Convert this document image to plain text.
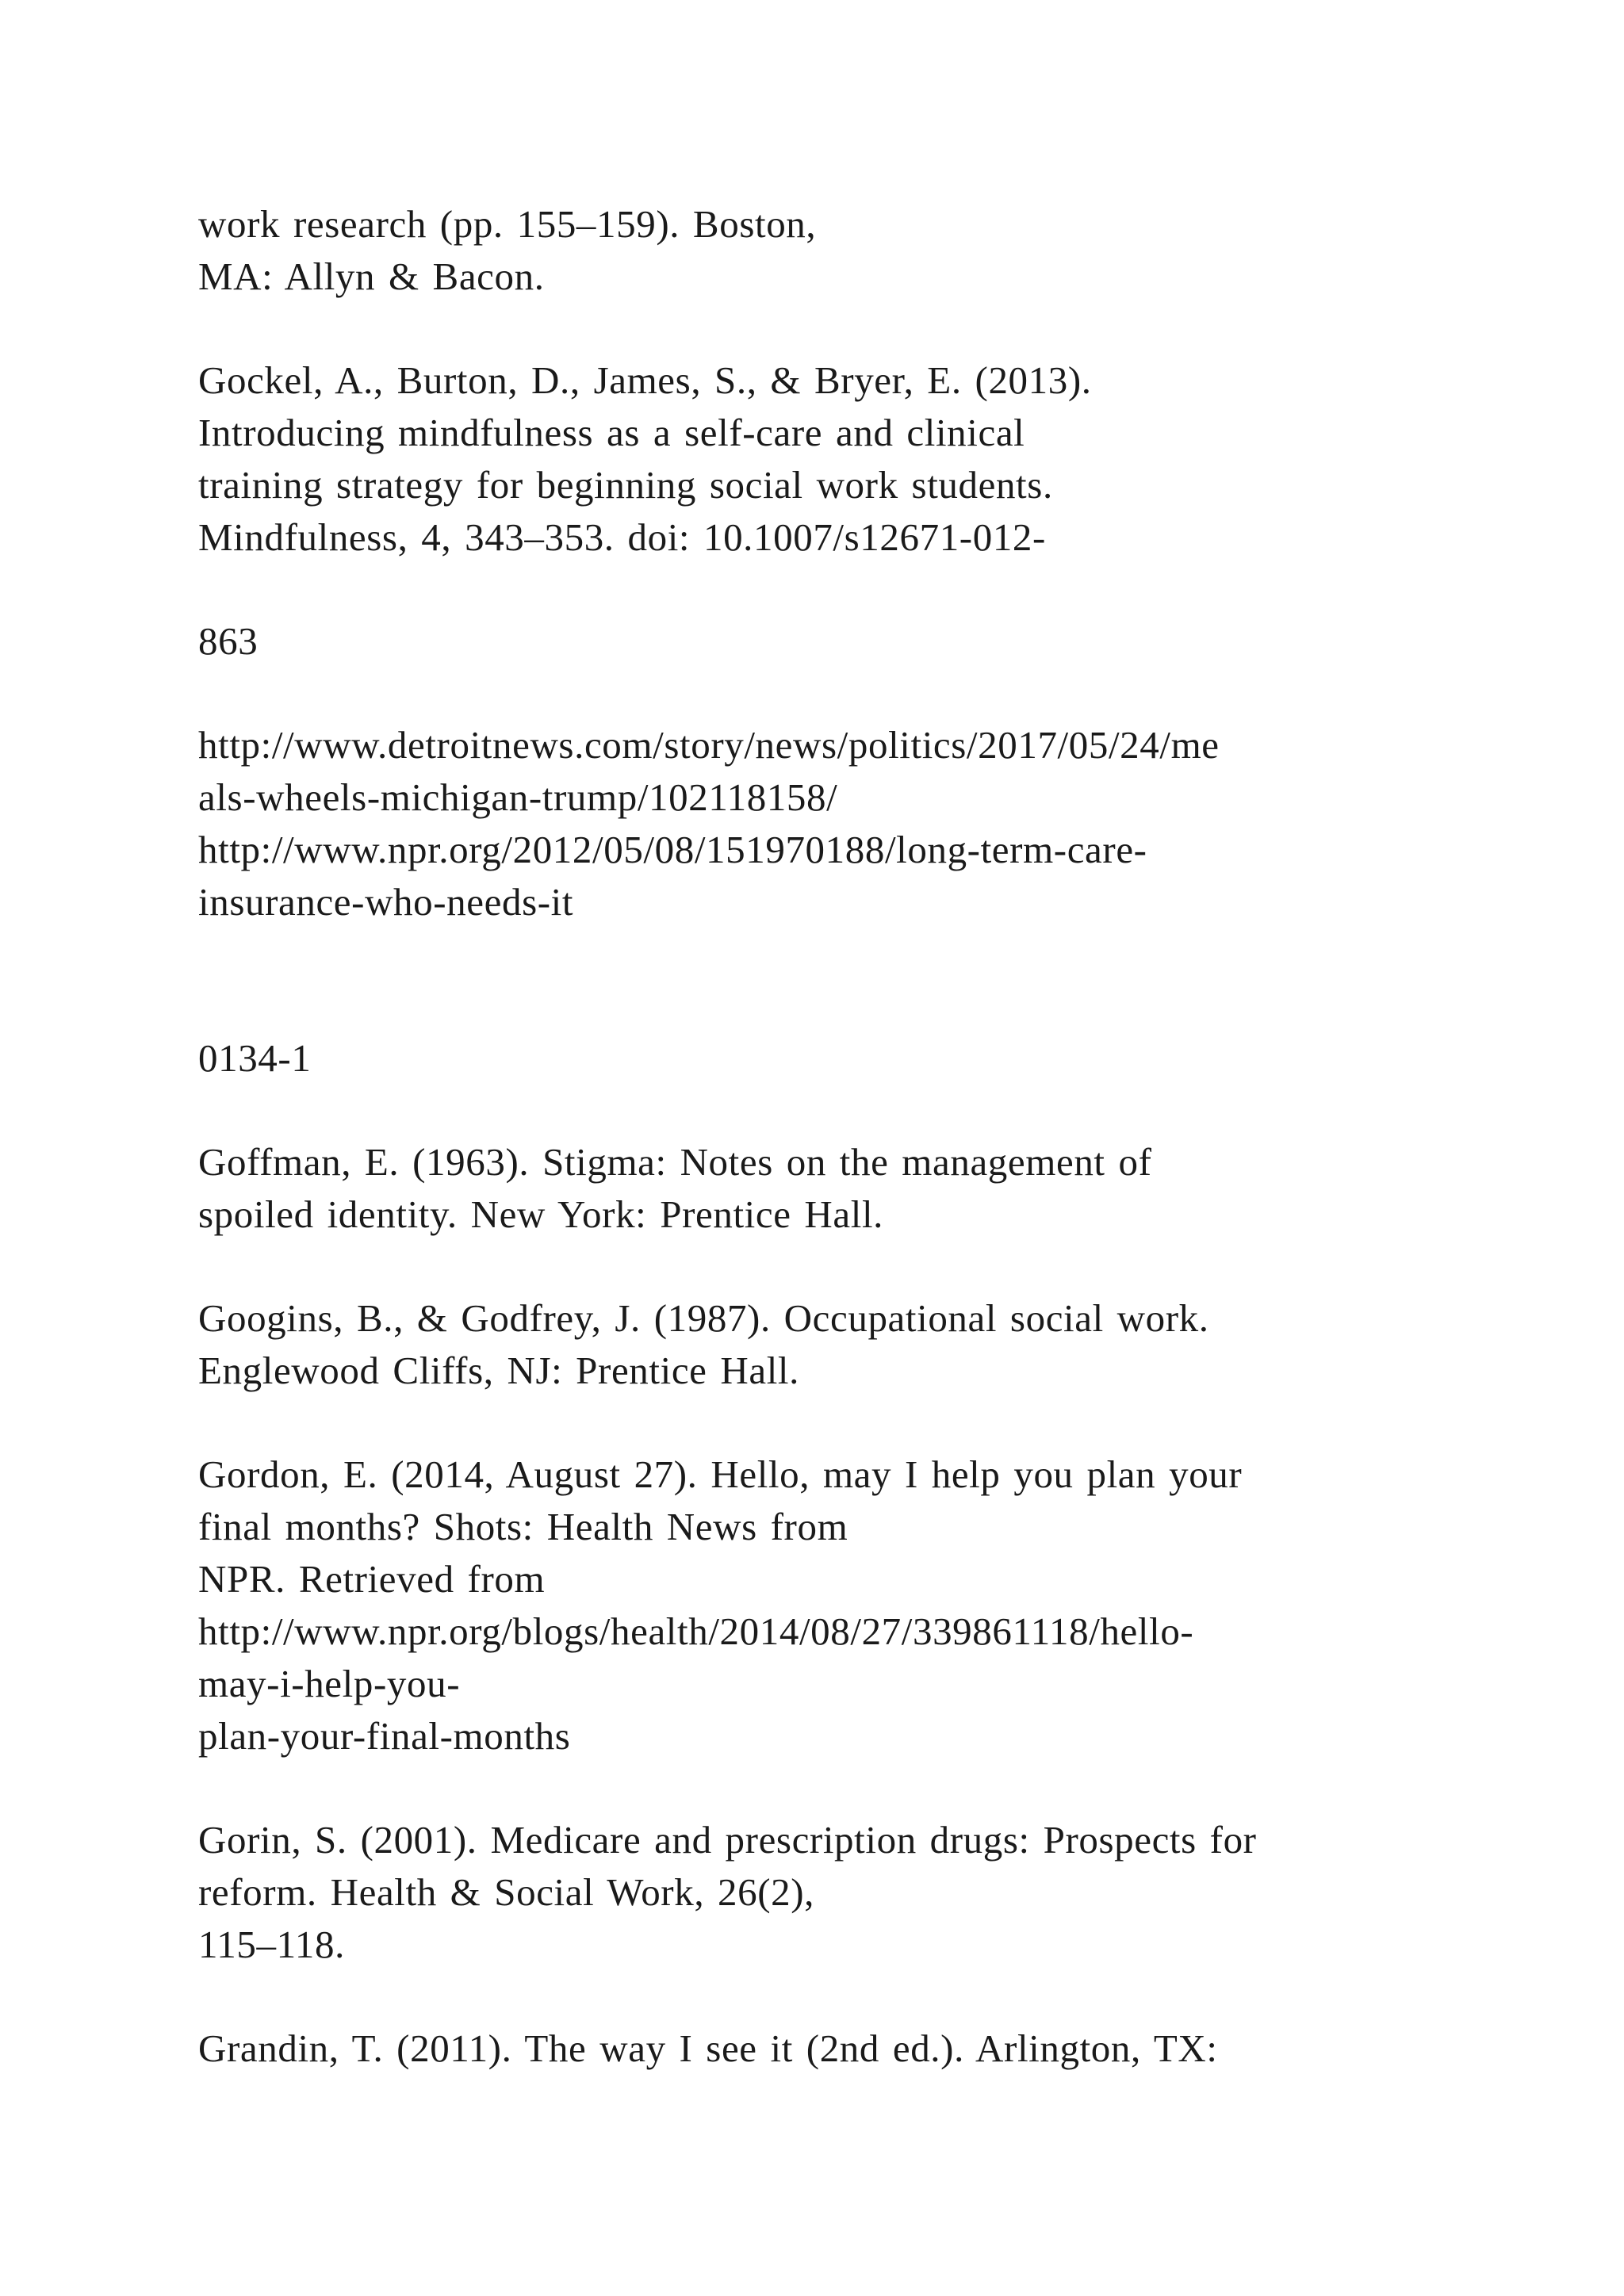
work research (pp. 155–159). Boston,
MA: Allyn & Bacon.
Gockel, A., Burton, D., James, S., & Bryer, E. (2013).
Introducing mindfulness as a self-care and clinical
training strategy for beginning social work students.
Mindfulness, 4, 343–353. doi: 10.1007/s12671-012-
863
http://www.detroitnews.com/story/news/politics/2017/05/24/me
als-wheels-michigan-trump/102118158/
http://www.npr.org/2012/05/08/151970188/long-term-care-
insurance-who-needs-it
0134-1
Goffman, E. (1963). Stigma: Notes on the management of
spoiled identity. New York: Prentice Hall.
Googins, B., & Godfrey, J. (1987). Occupational social work.
Englewood Cliffs, NJ: Prentice Hall.
Gordon, E. (2014, August 27). Hello, may I help you plan your
final months? Shots: Health News from
NPR. Retrieved from
http://www.npr.org/blogs/health/2014/08/27/339861118/hello-
may-i-help-you-
plan-your-final-months
Gorin, S. (2001). Medicare and prescription drugs: Prospects for
reform. Health & Social Work, 26(2),
115–118.
Grandin, T. (2011). The way I see it (2nd ed.). Arlington, TX:
